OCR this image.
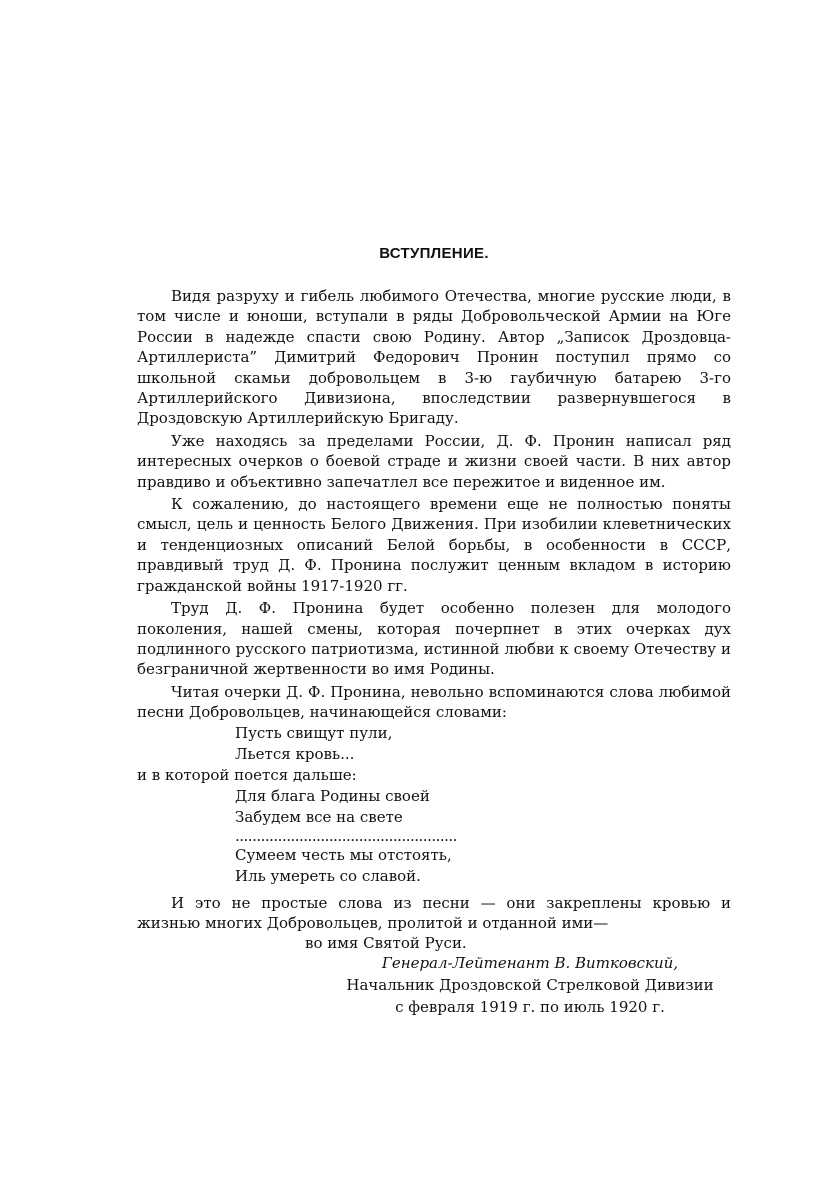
ВСТУПЛЕНИЕ.

Видя разруху и гибель любимого Отечества, многие русские люди, в том числе и юноши, вступали в ряды Добровольческой Армии на Юге России в надежде спасти свою Родину. Автор „Записок Дроздовца-Артиллериста” Димитрий Федорович Пронин поступил прямо со школьной скамьи добровольцем в 3-ю гаубичную батарею 3-го Артиллерийского Дивизиона, впоследствии развернувшегося в Дроздовскую Артиллерийскую Бригаду.

Уже находясь за пределами России, Д. Ф. Пронин написал ряд интересных очерков о боевой страде и жизни своей части. В них автор правдиво и объективно запечатлел все пережитое и виденное им.

К сожалению, до настоящего времени еще не полностью поняты смысл, цель и ценность Белого Движения. При изобилии клеветнических и тенденциозных описаний Белой борьбы, в особенности в СССР, правдивый труд Д. Ф. Пронина послужит ценным вкладом в историю гражданской войны 1917-1920 гг.

Труд Д. Ф. Пронина будет особенно полезен для молодого поколения, нашей смены, которая почерпнет в этих очерках дух подлинного русского патриотизма, истинной любви к своему Отечеству и безграничной жертвенности во имя Родины.

Читая очерки Д. Ф. Пронина, невольно вспоминаются слова любимой песни Добровольцев, начинающейся словами:

Пусть свищут пули,

Льется кровь...

и в которой поется дальше:

Для блага Родины своей

Забудем все на свете

....................................................

Сумеем честь мы отстоять,

Иль умереть со славой.

И это не простые слова из песни — они закреплены кровью и жизнью многих Добровольцев, пролитой и отданной ими—

во имя Святой Руси.

Генерал-Лейтенант В. Витковский,

Начальник Дроздовской Стрелковой Дивизии

с февраля 1919 г. по июль 1920 г.
